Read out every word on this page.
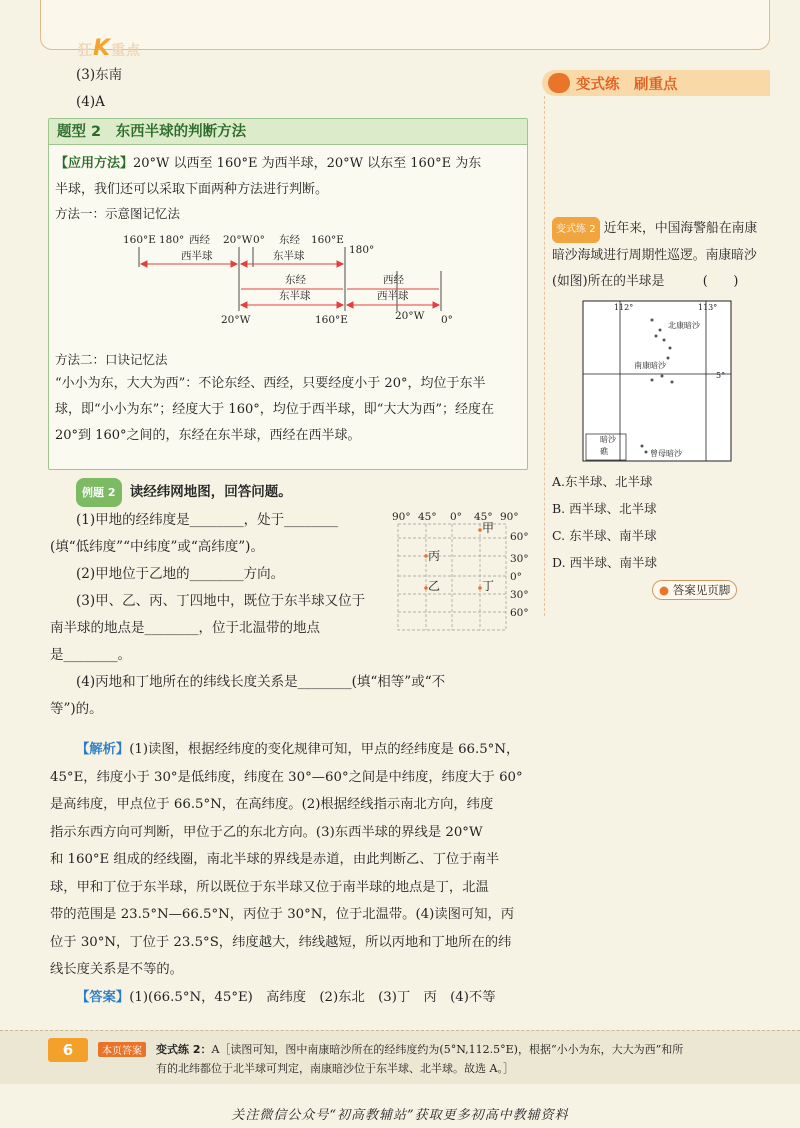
狂K重点
(3)东南
(4)A
题型 2　东西半球的判断方法
【应用方法】20°W 以西至 160°E 为西半球，20°W 以东至 160°E 为东
半球，我们还可以采取下面两种方法进行判断。
方法一：示意图记忆法
方法二：口诀记忆法
“小小为东，大大为西”：不论东经、西经，只要经度小于 20°，均位于东半
球，即“小小为东”；经度大于 160°，均位于西半球，即“大大为西”；经度在
20°到 160°之间的，东经在东半球，西经在西半球。
160°E 180° 西经 20°W 0° 东经 160°E
180°
西半球	东半球
东经
东半球
西经
西半球
20°W	160°E	20°W 0°
例题 2 读经纬网地图，回答问题。
(1)甲地的经纬度是________，处于________
(填“低纬度”“中纬度”或“高纬度”)。
(2)甲地位于乙地的________方向。
(3)甲、乙、丙、丁四地中，既位于东半球又位于
南半球的地点是________，位于北温带的地点
是________。
(4)丙地和丁地所在的纬线长度关系是________(填“相等”或“不
等”)的。
90° 45° 0° 45° 90°
60°
30°
0°
30°
60°
甲
丙
乙	丁
【解析】(1)读图，根据经纬度的变化规律可知，甲点的经纬度是 66.5°N，
45°E，纬度小于 30°是低纬度，纬度在 30°—60°之间是中纬度，纬度大于 60°
是高纬度，甲点位于 66.5°N，在高纬度。(2)根据经线指示南北方向，纬度
指示东西方向可判断，甲位于乙的东北方向。(3)东西半球的界线是 20°W
和 160°E 组成的经线圈，南北半球的界线是赤道，由此判断乙、丁位于南半
球，甲和丁位于东半球，所以既位于东半球又位于南半球的地点是丁，北温
带的范围是 23.5°N—66.5°N，丙位于 30°N，位于北温带。(4)读图可知，丙
位于 30°N，丁位于 23.5°S，纬度越大，纬线越短，所以丙地和丁地所在的纬
线长度关系是不等的。
【答案】(1)(66.5°N，45°E)　高纬度　(2)东北　(3)丁　丙　(4)不等
变式练　刷重点
变式练 2 近年来，中国海警船在南康
暗沙海域进行周期性巡逻。南康暗沙
(如图)所在的半球是　　　(　　)
112°	113°
5°
北康暗沙
南康暗沙
曾母暗沙
暗沙
礁
A.东半球、北半球
B. 西半球、北半球
C. 东半球、南半球
D. 西半球、南半球
● 答案见页脚
6	本页答案	变式练 2：A［读图可知，图中南康暗沙所在的经纬度约为(5°N,112.5°E)，根据“小小为东，大大为西”和所
有的北纬都位于北半球可判定，南康暗沙位于东半球、北半球。故选 A。］
关注微信公众号“初高教辅站”获取更多初高中教辅资料
